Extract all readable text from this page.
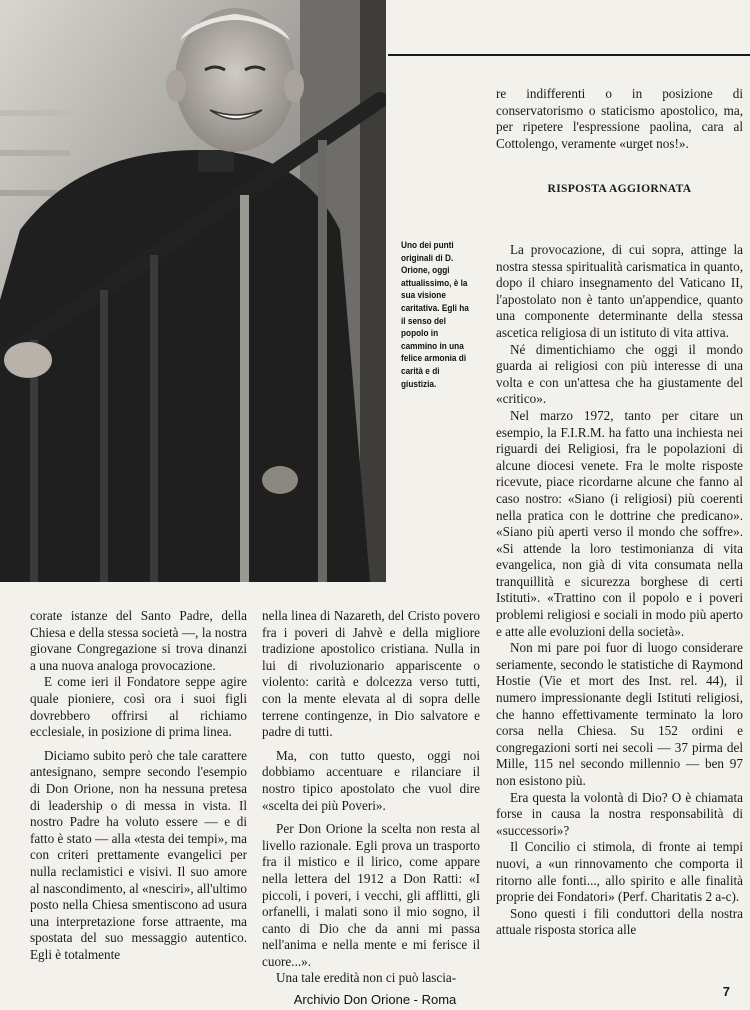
Uno dei punti originali di D. Orione, oggi attualissimo, è la sua visione caritativa. Egli ha il senso del popolo in cammino in una felice armonia di carità e di giustizia.

re indifferenti o in posizione di conservatorismo o staticismo apostolico, ma, per ripetere l'espressione paolina, cara al Cottolengo, veramente «urget nos!».

RISPOSTA AGGIORNATA

La provocazione, di cui sopra, attinge la nostra stessa spiritualità carismatica in quanto, dopo il chiaro insegnamento del Vaticano II, l'apostolato non è tanto un'appendice, quanto una componente determinante della stessa ascetica religiosa di un istituto di vita attiva.

Né dimentichiamo che oggi il mondo guarda ai religiosi con più interesse di una volta e con un'attesa che ha giustamente del «critico».

Nel marzo 1972, tanto per citare un esempio, la F.I.R.M. ha fatto una inchiesta nei riguardi dei Religiosi, fra le popolazioni di alcune diocesi venete. Fra le molte risposte ricevute, piace ricordarne alcune che fanno al caso nostro: «Siano (i religiosi) più coerenti nella pratica con le dottrine che predicano». «Siano più aperti verso il mondo che soffre». «Si attende la loro testimonianza di vita evangelica, non già di vita consumata nella tranquillità e sicurezza borghese di certi Istituti». «Trattino con il popolo e i poveri problemi religiosi e sociali in modo più aperto e atte alle evoluzioni della società».

Non mi pare poi fuor di luogo considerare seriamente, secondo le statistiche di Raymond Hostie (Vie et mort des Inst. rel. 44), il numero impressionante degli Istituti religiosi, che hanno effettivamente terminato la loro corsa nella Chiesa. Su 152 ordini e congregazioni sorti nei secoli — 37 pirma del Mille, 115 nel secondo millennio — ben 97 non esistono più.

Era questa la volontà di Dio? O è chiamata forse in causa la nostra responsabilità di «successori»?

Il Concilio ci stimola, di fronte ai tempi nuovi, a «un rinnovamento che comporta il ritorno alle fonti..., allo spirito e alle finalità proprie dei Fondatori» (Perf. Charitatis 2 a-c).

Sono questi i fili conduttori della nostra attuale risposta storica alle

corate istanze del Santo Padre, della Chiesa e della stessa società —, la nostra giovane Congregazione si trova dinanzi a una nuova analoga provocazione.

E come ieri il Fondatore seppe agire quale pioniere, così ora i suoi figli dovrebbero offrirsi al richiamo ecclesiale, in posizione di prima linea.

Diciamo subito però che tale carattere antesignano, sempre secondo l'esempio di Don Orione, non ha nessuna pretesa di leadership o di messa in vista. Il nostro Padre ha voluto essere — e di fatto è stato — alla «testa dei tempi», ma con criteri prettamente evangelici per nulla reclamistici e visivi. Il suo amore al nascondimento, al «nesciri», all'ultimo posto nella Chiesa smentiscono ad usura una interpretazione forse attraente, ma spostata del suo messaggio autentico. Egli è totalmente

nella linea di Nazareth, del Cristo povero fra i poveri di Jahvè e della migliore tradizione apostolico cristiana. Nulla in lui di rivoluzionario appariscente o violento: carità e dolcezza verso tutti, con la mente elevata al di sopra delle terrene contingenze, in Dio salvatore e padre di tutti.

Ma, con tutto questo, oggi noi dobbiamo accentuare e rilanciare il nostro tipico apostolato che vuol dire «scelta dei più Poveri».

Per Don Orione la scelta non resta al livello razionale. Egli prova un trasporto fra il mistico e il lirico, come appare nella lettera del 1912 a Don Ratti: «I piccoli, i poveri, i vecchi, gli afflitti, gli orfanelli, i malati sono il mio sogno, il canto di Dio che da anni mi passa nell'anima e nella mente e mi ferisce il cuore...».

Una tale eredità non ci può lascia-

Archivio Don Orione - Roma
7
